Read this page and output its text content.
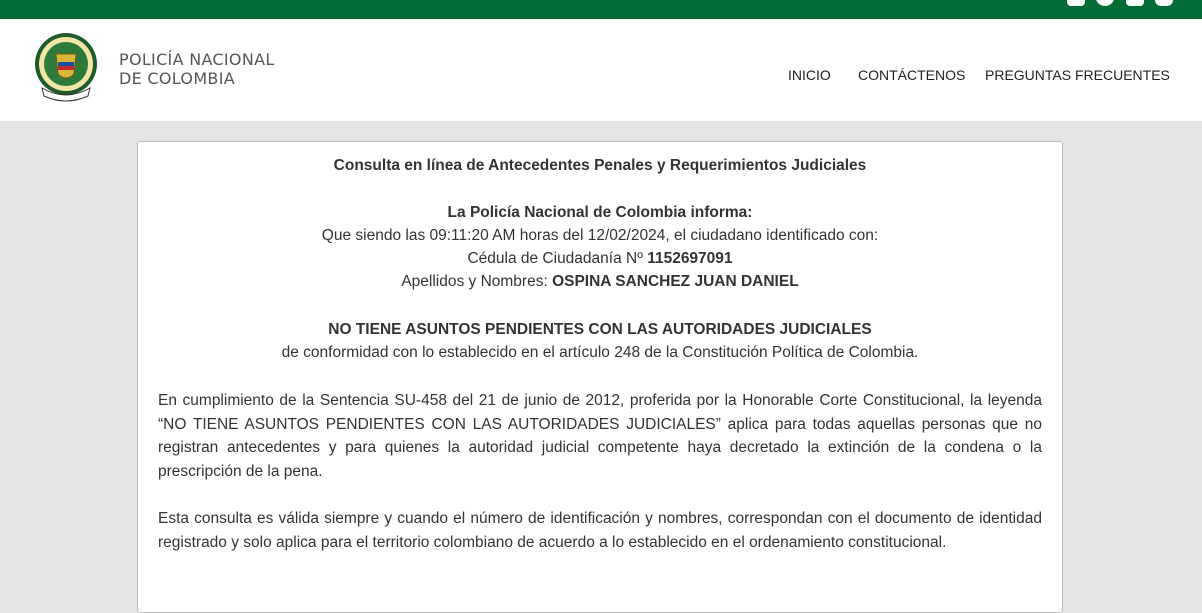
POLICÍA NACIONAL
DE COLOMBIA	INICIO CONTÁCTENOS PREGUNTAS FRECUENTES
Consulta en línea de Antecedentes Penales y Requerimientos Judiciales
La Policía Nacional de Colombia informa:
Que siendo las 09:11:20 AM horas del 12/02/2024, el ciudadano identificado con:
Cédula de Ciudadanía Nº 1152697091
Apellidos y Nombres: OSPINA SANCHEZ JUAN DANIEL
NO TIENE ASUNTOS PENDIENTES CON LAS AUTORIDADES JUDICIALES
de conformidad con lo establecido en el artículo 248 de la Constitución Política de Colombia.
En cumplimiento de la Sentencia SU-458 del 21 de junio de 2012, proferida por la Honorable Corte Constitucional, la leyenda “NO TIENE ASUNTOS PENDIENTES CON LAS AUTORIDADES JUDICIALES” aplica para todas aquellas personas que no registran antecedentes y para quienes la autoridad judicial competente haya decretado la extinción de la condena o la prescripción de la pena.
Esta consulta es válida siempre y cuando el número de identificación y nombres, correspondan con el documento de identidad registrado y solo aplica para el territorio colombiano de acuerdo a lo establecido en el ordenamiento constitucional.
